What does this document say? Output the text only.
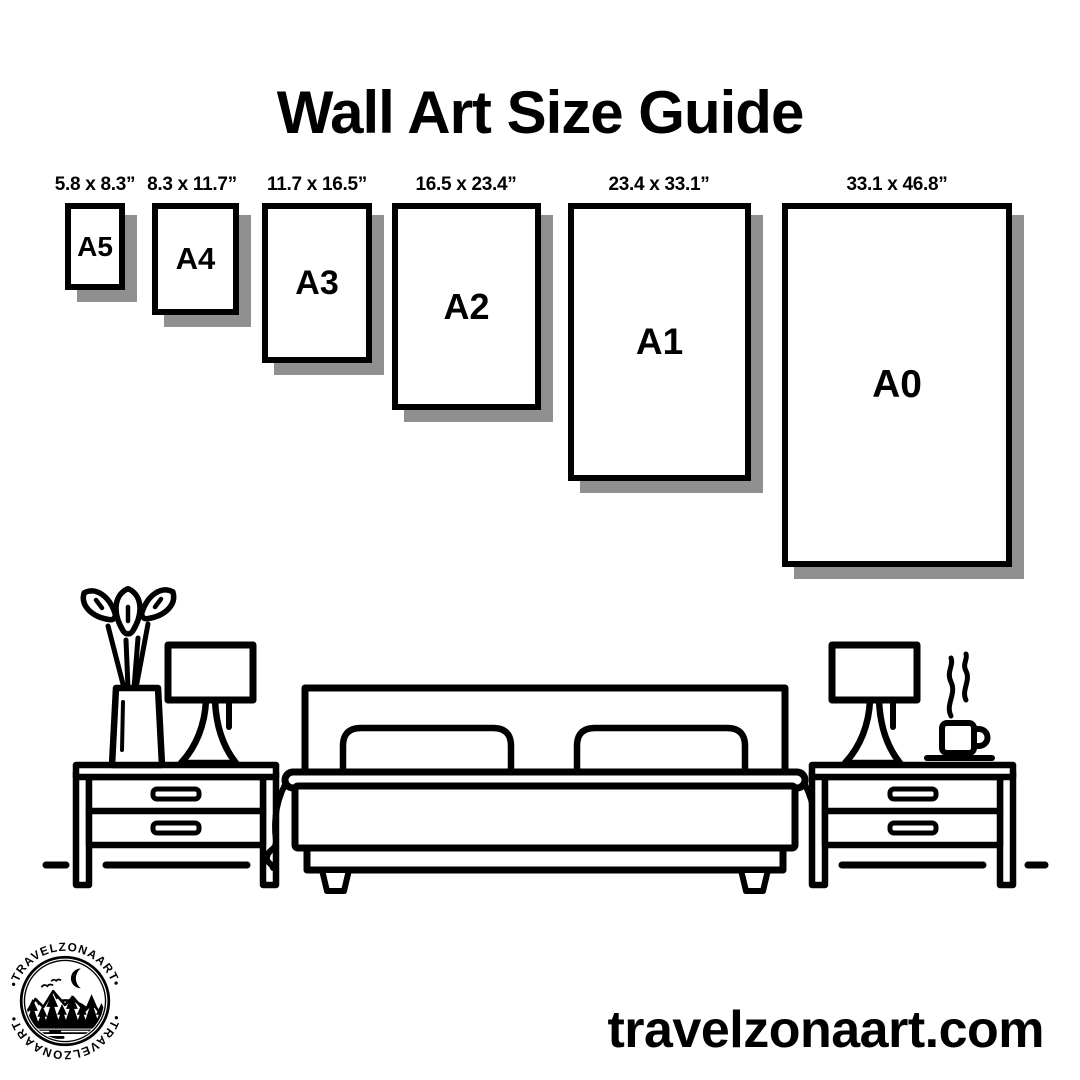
Wall Art Size Guide
5.8 x 8.3” 8.3 x 11.7”	11.7 x 16.5”	16.5 x 23.4”	23.4 x 33.1”	33.1 x 46.8”
A5 A4
A3
A2
A1
A0
•TRAVELZONAART•
•TRAVELZONAART•	travelzonaart.com
